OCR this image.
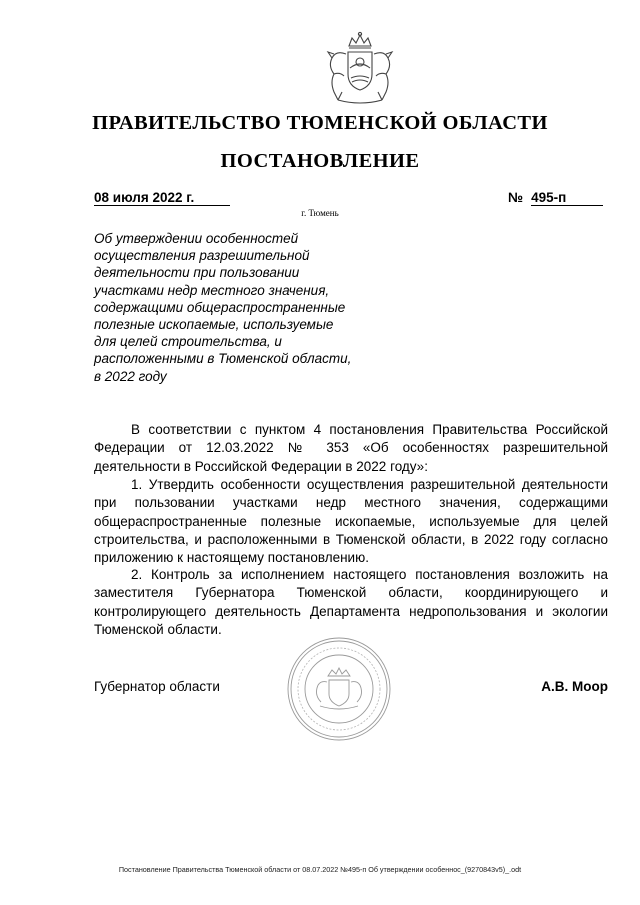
ПРАВИТЕЛЬСТВО ТЮМЕНСКОЙ ОБЛАСТИ
ПОСТАНОВЛЕНИЕ
08 июля 2022 г.	№ 495-п
г. Тюмень
Об утверждении особенностей
осуществления разрешительной
деятельности при пользовании
участками недр местного значения,
содержащими общераспространенные
полезные ископаемые, используемые
для целей строительства, и
расположенными в Тюменской области,
в 2022 году

В соответствии с пунктом 4 постановления Правительства Российской Федерации от 12.03.2022 № 353 «Об особенностях разрешительной деятельности в Российской Федерации в 2022 году»:

1. Утвердить особенности осуществления разрешительной деятельности при пользовании участками недр местного значения, содержащими общераспространенные полезные ископаемые, используемые для целей строительства, и расположенными в Тюменской области, в 2022 году согласно приложению к настоящему постановлению.

2. Контроль за исполнением настоящего постановления возложить на заместителя Губернатора Тюменской области, координирующего и контролирующего деятельность Департамента недропользования и экологии Тюменской области.

Губернатор области	А.В. Моор
Постановление Правительства Тюменской области от 08.07.2022 №495-п Об утверждении особеннос_(9270843v5)_.odt
